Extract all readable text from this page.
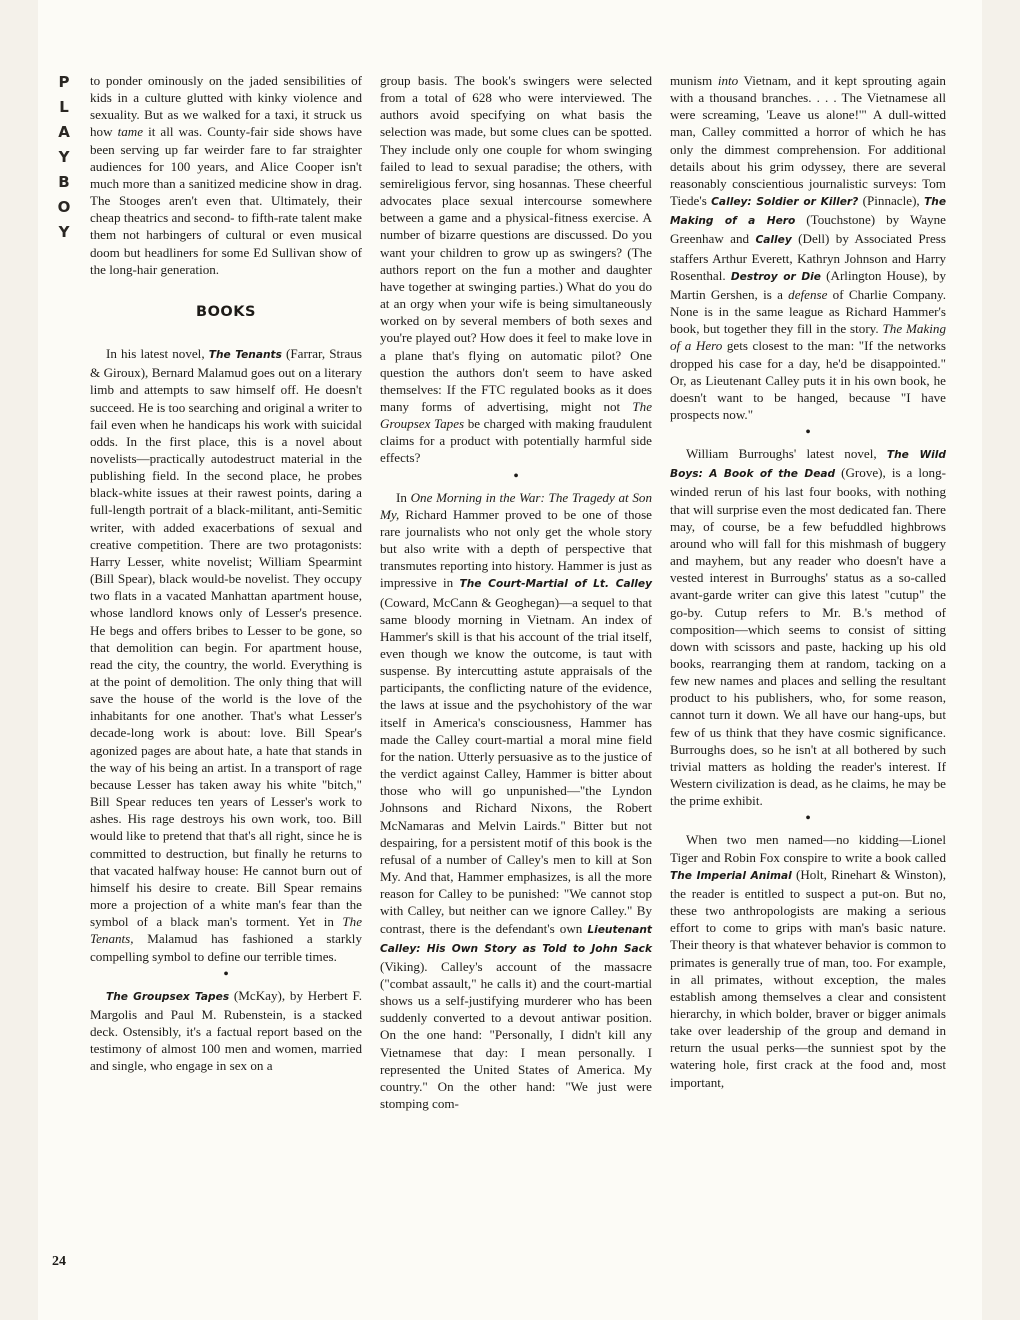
P
L
A
Y
B
O
Y
24

to ponder ominously on the jaded sensibilities of kids in a culture glutted with kinky violence and sexuality. But as we walked for a taxi, it struck us how tame it all was. County-fair side shows have been serving up far weirder fare to far straighter audiences for 100 years, and Alice Cooper isn't much more than a sanitized medicine show in drag. The Stooges aren't even that. Ultimately, their cheap theatrics and second- to fifth-rate talent make them not harbingers of cultural or even musical doom but headliners for some Ed Sullivan show of the long-hair generation.

BOOKS

In his latest novel, The Tenants (Farrar, Straus & Giroux), Bernard Malamud goes out on a literary limb and attempts to saw himself off. He doesn't succeed. He is too searching and original a writer to fail even when he handicaps his work with suicidal odds. In the first place, this is a novel about novelists—practically autodestruct material in the publishing field. In the second place, he probes black-white issues at their rawest points, daring a full-length portrait of a black-militant, anti-Semitic writer, with added exacerbations of sexual and creative competition. There are two protagonists: Harry Lesser, white novelist; William Spearmint (Bill Spear), black would-be novelist. They occupy two flats in a vacated Manhattan apartment house, whose landlord knows only of Lesser's presence. He begs and offers bribes to Lesser to be gone, so that demolition can begin. For apartment house, read the city, the country, the world. Everything is at the point of demolition. The only thing that will save the house of the world is the love of the inhabitants for one another. That's what Lesser's decade-long work is about: love. Bill Spear's agonized pages are about hate, a hate that stands in the way of his being an artist. In a transport of rage because Lesser has taken away his white "bitch," Bill Spear reduces ten years of Lesser's work to ashes. His rage destroys his own work, too. Bill would like to pretend that that's all right, since he is committed to destruction, but finally he returns to that vacated halfway house: He cannot burn out of himself his desire to create. Bill Spear remains more a projection of a white man's fear than the symbol of a black man's torment. Yet in The Tenants, Malamud has fashioned a starkly compelling symbol to define our terrible times.

•

The Groupsex Tapes (McKay), by Herbert F. Margolis and Paul M. Rubenstein, is a stacked deck. Ostensibly, it's a factual report based on the testimony of almost 100 men and women, married and single, who engage in sex on a

group basis. The book's swingers were selected from a total of 628 who were interviewed. The authors avoid specifying on what basis the selection was made, but some clues can be spotted. They include only one couple for whom swinging failed to lead to sexual paradise; the others, with semireligious fervor, sing hosannas. These cheerful advocates place sexual intercourse somewhere between a game and a physical-fitness exercise. A number of bizarre questions are discussed. Do you want your children to grow up as swingers? (The authors report on the fun a mother and daughter have together at swinging parties.) What do you do at an orgy when your wife is being simultaneously worked on by several members of both sexes and you're played out? How does it feel to make love in a plane that's flying on automatic pilot? One question the authors don't seem to have asked themselves: If the FTC regulated books as it does many forms of advertising, might not The Groupsex Tapes be charged with making fraudulent claims for a product with potentially harmful side effects?

•

In One Morning in the War: The Tragedy at Son My, Richard Hammer proved to be one of those rare journalists who not only get the whole story but also write with a depth of perspective that transmutes reporting into history. Hammer is just as impressive in The Court-Martial of Lt. Calley (Coward, McCann & Geoghegan)—a sequel to that same bloody morning in Vietnam. An index of Hammer's skill is that his account of the trial itself, even though we know the outcome, is taut with suspense. By intercutting astute appraisals of the participants, the conflicting nature of the evidence, the laws at issue and the psychohistory of the war itself in America's consciousness, Hammer has made the Calley court-martial a moral mine field for the nation. Utterly persuasive as to the justice of the verdict against Calley, Hammer is bitter about those who will go unpunished—"the Lyndon Johnsons and Richard Nixons, the Robert McNamaras and Melvin Lairds." Bitter but not despairing, for a persistent motif of this book is the refusal of a number of Calley's men to kill at Son My. And that, Hammer emphasizes, is all the more reason for Calley to be punished: "We cannot stop with Calley, but neither can we ignore Calley." By contrast, there is the defendant's own Lieutenant Calley: His Own Story as Told to John Sack (Viking). Calley's account of the massacre ("combat assault," he calls it) and the court-martial shows us a self-justifying murderer who has been suddenly converted to a devout antiwar position. On the one hand: "Personally, I didn't kill any Vietnamese that day: I mean personally. I represented the United States of America. My country." On the other hand: "We just were stomping com-

munism into Vietnam, and it kept sprouting again with a thousand branches. . . . The Vietnamese all were screaming, 'Leave us alone!'" A dull-witted man, Calley committed a horror of which he has only the dimmest comprehension. For additional details about his grim odyssey, there are several reasonably conscientious journalistic surveys: Tom Tiede's Calley: Soldier or Killer? (Pinnacle), The Making of a Hero (Touchstone) by Wayne Greenhaw and Calley (Dell) by Associated Press staffers Arthur Everett, Kathryn Johnson and Harry Rosenthal. Destroy or Die (Arlington House), by Martin Gershen, is a defense of Charlie Company. None is in the same league as Richard Hammer's book, but together they fill in the story. The Making of a Hero gets closest to the man: "If the networks dropped his case for a day, he'd be disappointed." Or, as Lieutenant Calley puts it in his own book, he doesn't want to be hanged, because "I have prospects now."

•

William Burroughs' latest novel, The Wild Boys: A Book of the Dead (Grove), is a long-winded rerun of his last four books, with nothing that will surprise even the most dedicated fan. There may, of course, be a few befuddled highbrows around who will fall for this mishmash of buggery and mayhem, but any reader who doesn't have a vested interest in Burroughs' status as a so-called avant-garde writer can give this latest "cutup" the go-by. Cutup refers to Mr. B.'s method of composition—which seems to consist of sitting down with scissors and paste, hacking up his old books, rearranging them at random, tacking on a few new names and places and selling the resultant product to his publishers, who, for some reason, cannot turn it down. We all have our hang-ups, but few of us think that they have cosmic significance. Burroughs does, so he isn't at all bothered by such trivial matters as holding the reader's interest. If Western civilization is dead, as he claims, he may be the prime exhibit.

•

When two men named—no kidding—Lionel Tiger and Robin Fox conspire to write a book called The Imperial Animal (Holt, Rinehart & Winston), the reader is entitled to suspect a put-on. But no, these two anthropologists are making a serious effort to come to grips with man's basic nature. Their theory is that whatever behavior is common to primates is generally true of man, too. For example, in all primates, without exception, the males establish among themselves a clear and consistent hierarchy, in which bolder, braver or bigger animals take over leadership of the group and demand in return the usual perks—the sunniest spot by the watering hole, first crack at the food and, most important,
